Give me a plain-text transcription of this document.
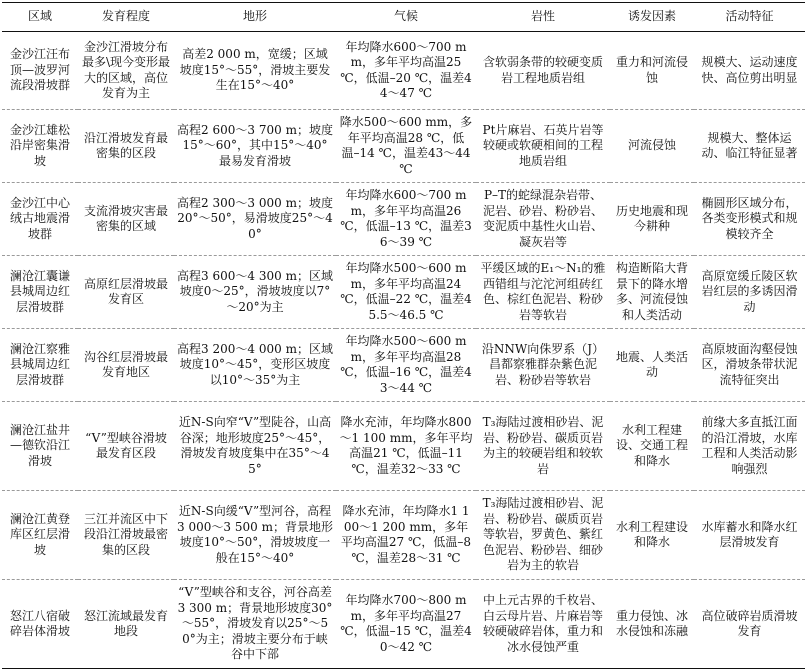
区域	发育程度	地形	气候	岩性	诱发因素	活动特征

金沙江汪布顶—波罗河流段滑坡群	金沙江滑坡分布最多\现今变形最大的区域，高位发育为主	高差2 000 m，宽缓；区域坡度15°～55°，滑坡主要发生在15°～40°	年均降水600～700 mm，多年平均高温25 ℃，低温–20 ℃，温差44～47 ℃	含软弱条带的较硬变质岩工程地质岩组	重力和河流侵蚀	规模大、运动速度快、高位剪出明显

金沙江雄松沿岸密集滑坡	沿江滑坡发育最密集的区段	高程2 600～3 700 m；坡度15°～60°，其中15°～40°最易发育滑坡	降水500～600 mm，多年平均高温28 ℃，低温–14 ℃，温差43～44 ℃	Pt片麻岩、石英片岩等较硬或软硬相间的工程地质岩组	河流侵蚀	规模大、整体运动、临江特征显著

金沙江中心绒古地震滑坡群	支流滑坡灾害最密集的区域	高程2 300～3 000 m；坡度20°～50°，易滑坡度25°～40°	年均降水600～700 mm，多年平均高温26 ℃，低温–13 ℃，温差36～39 ℃	P–T的蛇绿混杂岩带、泥岩、砂岩、粉砂岩、变泥质中基性火山岩、凝灰岩等	历史地震和现今耕种	椭圆形区域分布，各类变形模式和规模较齐全

澜沧江囊谦县城周边红层滑坡群	高原红层滑坡最发育区	高程3 600～4 300 m；区域坡度0～25°，滑坡坡度以7°～20°为主	年均降水500～600 mm，多年平均高温24 ℃，低温–22 ℃，温差45.5～46.5 ℃	平缓区域的E₁～N₁的雅西错组与沱沱河组砖红色、棕红色泥岩、粉砂岩等软岩	构造断陷大背景下的降水增多、河流侵蚀和人类活动	高原宽缓丘陵区软岩红层的多诱因滑动

澜沧江察雅县城周边红层滑坡群	沟谷红层滑坡最发育地区	高程3 200～4 000 m；区域坡度10°～45°，变形区坡度以10°～35°为主	年均降水500～600 mm，多年平均高温28 ℃，低温–16 ℃，温差43～44 ℃	沿NNW向侏罗系（J）昌都察雅群杂紫色泥岩、粉砂岩等软岩	地震、人类活动	高原坡面沟壑侵蚀区，滑坡条带状泥流特征突出

澜沧江盐井—德钦沿江滑坡	“V”型峡谷滑坡最发育区段	近N-S向窄“V”型陡谷，山高谷深；地形坡度25°～45°，滑坡发育坡度集中在35°～45°	降水充沛，年均降水800～1 100 mm，多年平均高温21 ℃，低温–11 ℃，温差32～33 ℃	T₃海陆过渡相砂岩、泥岩、粉砂岩、碳质页岩为主的较硬岩组和较软岩	水利工程建设、交通工程和降水	前缘大多直抵江面的沿江滑坡，水库工程和人类活动影响强烈

澜沧江黄登库区红层滑坡	三江并流区中下段沿江滑坡最密集的区段	近N-S向缓“V”型河谷，高程3 000～3 500 m；背景地形坡度10°～50°，滑坡坡度一般在15°～40°	降水充沛，年均降水1 100～1 200 mm，多年平均高温27 ℃，低温–8 ℃，温差28～31 ℃	T₃海陆过渡相砂岩、泥岩、粉砂岩、碳质页岩等软岩，罗黄色、紫红色泥岩、粉砂岩、细砂岩为主的软岩	水利工程建设和降水	水库蓄水和降水红层滑坡发育

怒江八宿破碎岩体滑坡	怒江流域最发育地段	“V”型峡谷和支谷，河谷高差3 300 m；背景地形坡度30°～55°，滑坡发育以25°～50°为主；滑坡主要分布于峡谷中下部	年均降水700～800 mm，多年平均高温27 ℃，低温–15 ℃，温差40～42 ℃	中上元古界的千枚岩、白云母片岩、片麻岩等较硬破碎岩体，重力和冰水侵蚀严重	重力侵蚀、冰水侵蚀和冻融	高位破碎岩质滑坡发育
